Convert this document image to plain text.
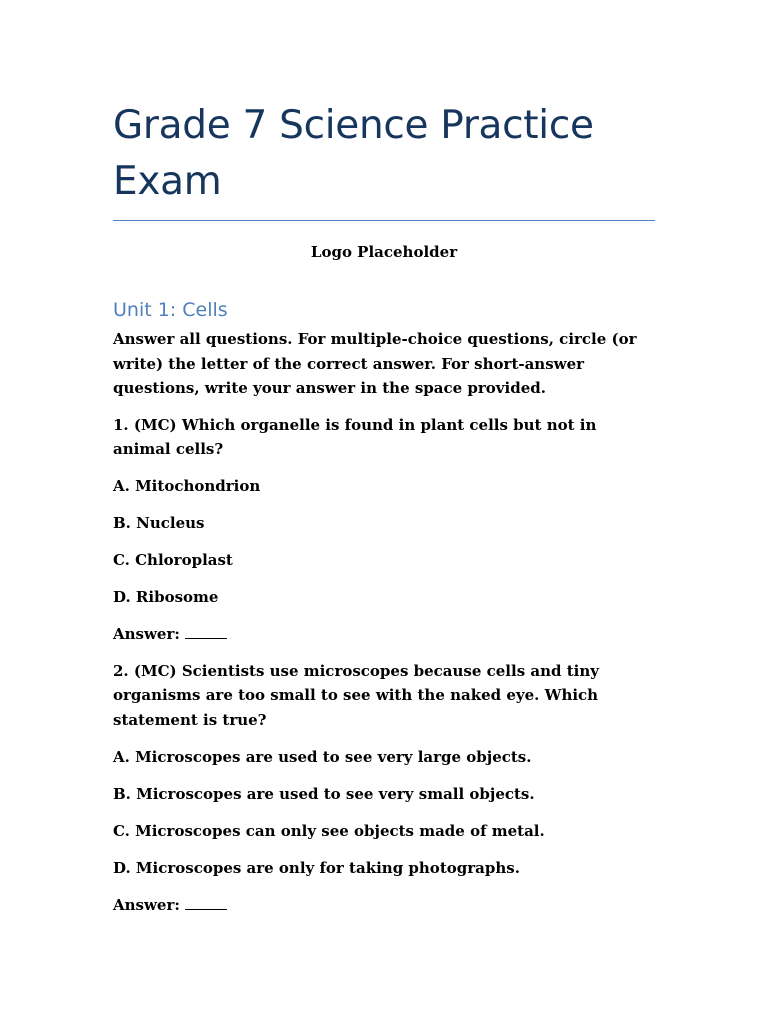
Grade 7 Science Practice Exam
Logo Placeholder
Unit 1: Cells

Answer all questions. For multiple-choice questions, circle (or write) the letter of the correct answer. For short-answer questions, write your answer in the space provided.

1. (MC) Which organelle is found in plant cells but not in animal cells?

A. Mitochondrion

B. Nucleus

C. Chloroplast

D. Ribosome

Answer:

2. (MC) Scientists use microscopes because cells and tiny organisms are too small to see with the naked eye. Which statement is true?

A. Microscopes are used to see very large objects.

B. Microscopes are used to see very small objects.

C. Microscopes can only see objects made of metal.

D. Microscopes are only for taking photographs.

Answer:
